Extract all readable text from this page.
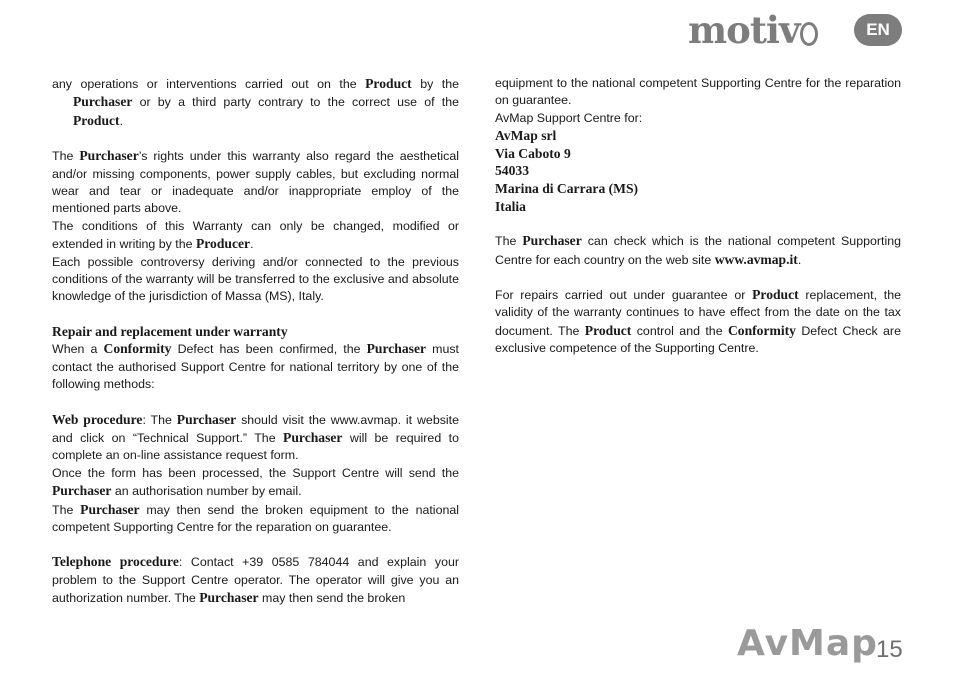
motiv	EN

any operations or interventions carried out on the Product by the Purchaser or by a third party contrary to the correct use of the Product.

The Purchaser’s rights under this warranty also regard the aesthetical and/or missing components, power supply cables, but excluding normal wear and tear or inadequate and/or inappropriate employ of the mentioned parts above.

The conditions of this Warranty can only be changed, modified or extended in writing by the Producer.

Each possible controversy deriving and/or connected to the previous conditions of the warranty will be transferred to the exclusive and absolute knowledge of the jurisdiction of Massa (MS), Italy.

Repair and replacement under warranty

When a Conformity Defect has been confirmed, the Purchaser must contact the authorised Support Centre for national territory by one of the following methods:

Web procedure: The Purchaser should visit the www.avmap. it website and click on “Technical Support.” The Purchaser will be required to complete an on-line assistance request form.

Once the form has been processed, the Support Centre will send the Purchaser an authorisation number by email.

The Purchaser may then send the broken equipment to the national competent Supporting Centre for the reparation on guarantee.

Telephone procedure: Contact +39 0585 784044 and explain your problem to the Support Centre operator. The operator will give you an authorization number. The Purchaser may then send the broken

equipment to the national competent Supporting Centre for the reparation on guarantee.

AvMap Support Centre for:

AvMap srl
Via Caboto 9
54033
Marina di Carrara (MS)
Italia

The Purchaser can check which is the national competent Supporting Centre for each country on the web site www.avmap.it.

For repairs carried out under guarantee or Product replacement, the validity of the warranty continues to have effect from the date on the tax document. The Product control and the Conformity Defect Check are exclusive competence of the Supporting Centre.

AvMap
15
